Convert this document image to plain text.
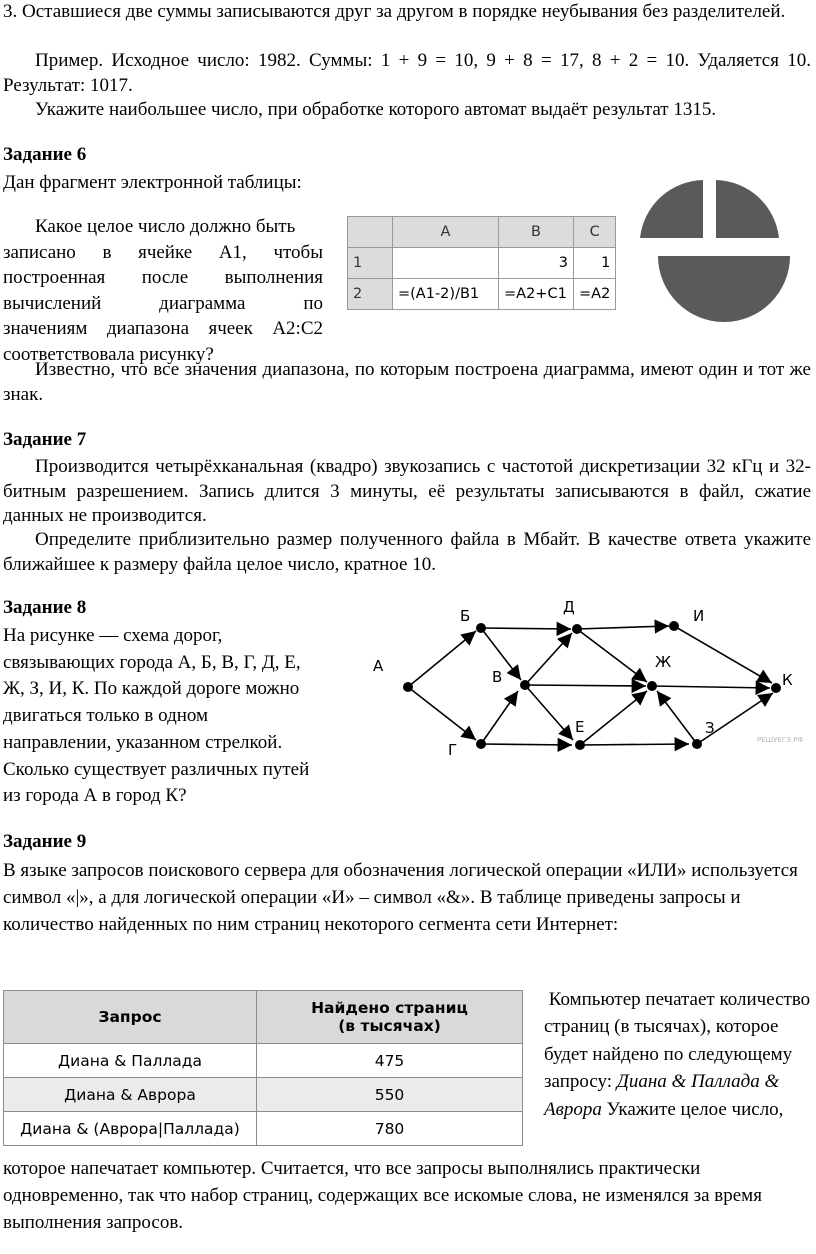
3. Оставшиеся две суммы записываются друг за другом в порядке неубывания без разделителей.

Пример. Исходное число: 1982. Суммы: 1 + 9 = 10, 9 + 8 = 17, 8 + 2 = 10. Удаляется 10. Результат: 1017.

Укажите наибольшее число, при обработке которого автомат выдаёт результат 1315.

Задание 6

Дан фрагмент электронной таблицы:

Какое целое число должно быть
записано в ячейке A1, чтобы
построенная после выполнения
вычислений диаграмма по
значениям диапазона ячеек A2:C2
соответствовала рисунку?
	A	B	C
1		3	1
2	=(A1-2)/B1	=A2+C1	=A2

Известно, что все значения диапазона, по которым построена диаграмма, имеют один и тот же знак.

Задание 7

Производится четырёхканальная (квадро) звукозапись с частотой дискретизации 32 кГц и 32-битным разрешением. Запись длится 3 минуты, её результаты записываются в файл, сжатие данных не производится.

Определите приблизительно размер полученного файла в Мбайт. В качестве ответа укажите ближайшее к размеру файла целое число, кратное 10.

Задание 8

На рисунке — схема дорог,
связывающих города А, Б, В, Г, Д, Е,
Ж, З, И, К. По каждой дороге можно
двигаться только в одном
направлении, указанном стрелкой.
Сколько существует различных путей
из города А в город К?
А
Б
В
Г
Д
Е
Ж
И
З
К
РЕШУЕГЭ.РФ

Задание 9

В языке запросов поискового сервера для обозначения логической операции «ИЛИ» используется символ «|», а для логической операции «И» – символ «&». В таблице приведены запросы и количество найденных по ним страниц некоторого сегмента сети Интернет:

Запрос	Найдено страниц
(в тысячах)

Диана & Паллада	475
Диана & Аврора	550
Диана & (Аврора|Паллада)	780

Компьютер печатает количество страниц (в тысячах), которое будет найдено по следующему запросу: Диана & Паллада & Аврора Укажите целое число,

которое напечатает компьютер. Считается, что все запросы выполнялись практически одновременно, так что набор страниц, содержащих все искомые слова, не изменялся за время выполнения запросов.
